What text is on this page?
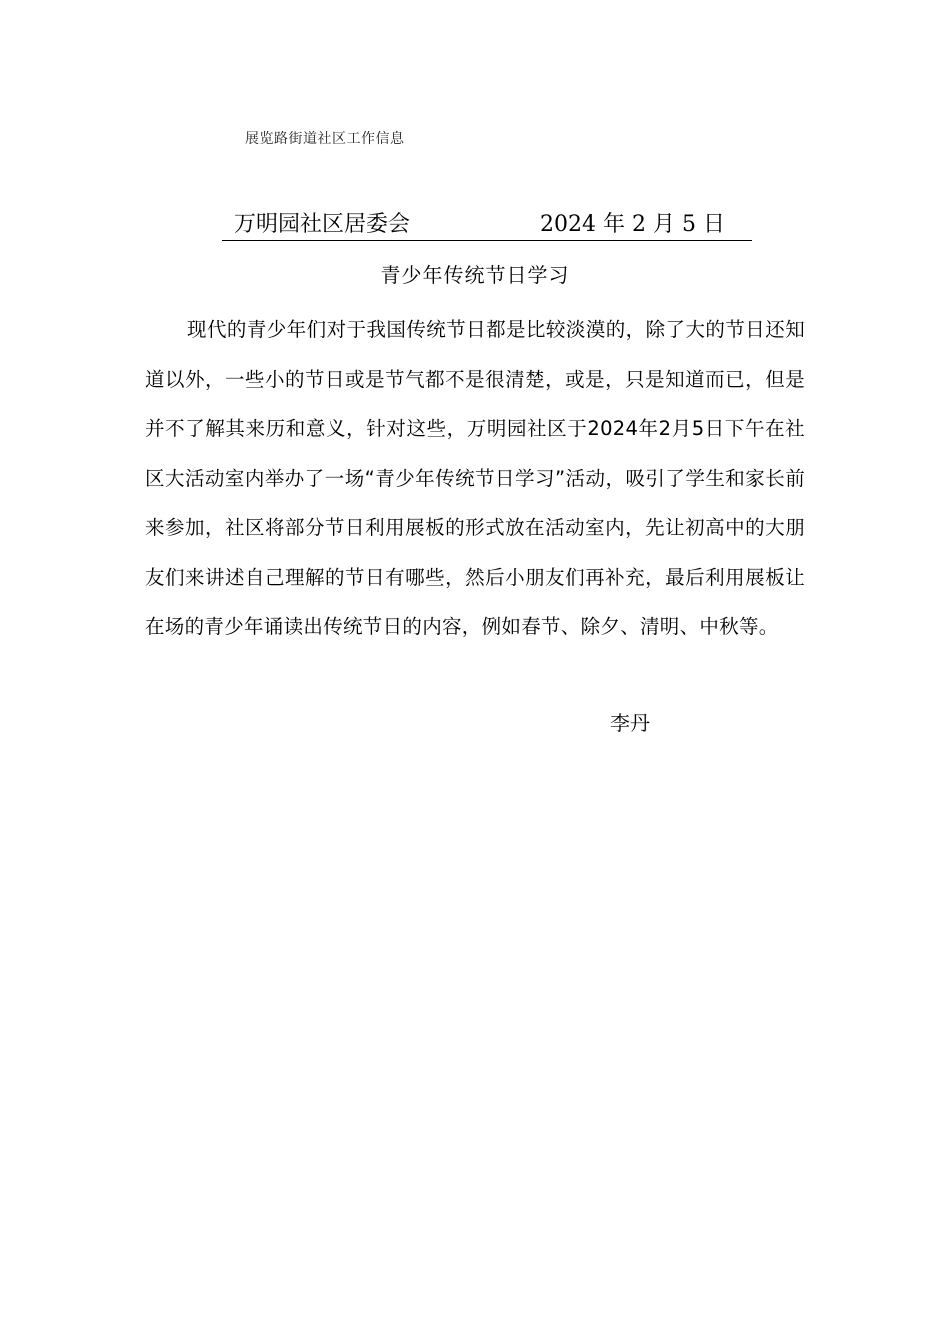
展览路街道社区工作信息
万明园社区居委会	2024 年 2 月 5 日
青少年传统节日学习

现代的青少年们对于我国传统节日都是比较淡漠的，除了大的节日还知道以外，一些小的节日或是节气都不是很清楚，或是，只是知道而已，但是并不了解其来历和意义，针对这些，万明园社区于2024年2月5日下午在社区大活动室内举办了一场“青少年传统节日学习”活动，吸引了学生和家长前来参加，社区将部分节日利用展板的形式放在活动室内，先让初高中的大朋友们来讲述自己理解的节日有哪些，然后小朋友们再补充，最后利用展板让在场的青少年诵读出传统节日的内容，例如春节、除夕、清明、中秋等。

李丹
